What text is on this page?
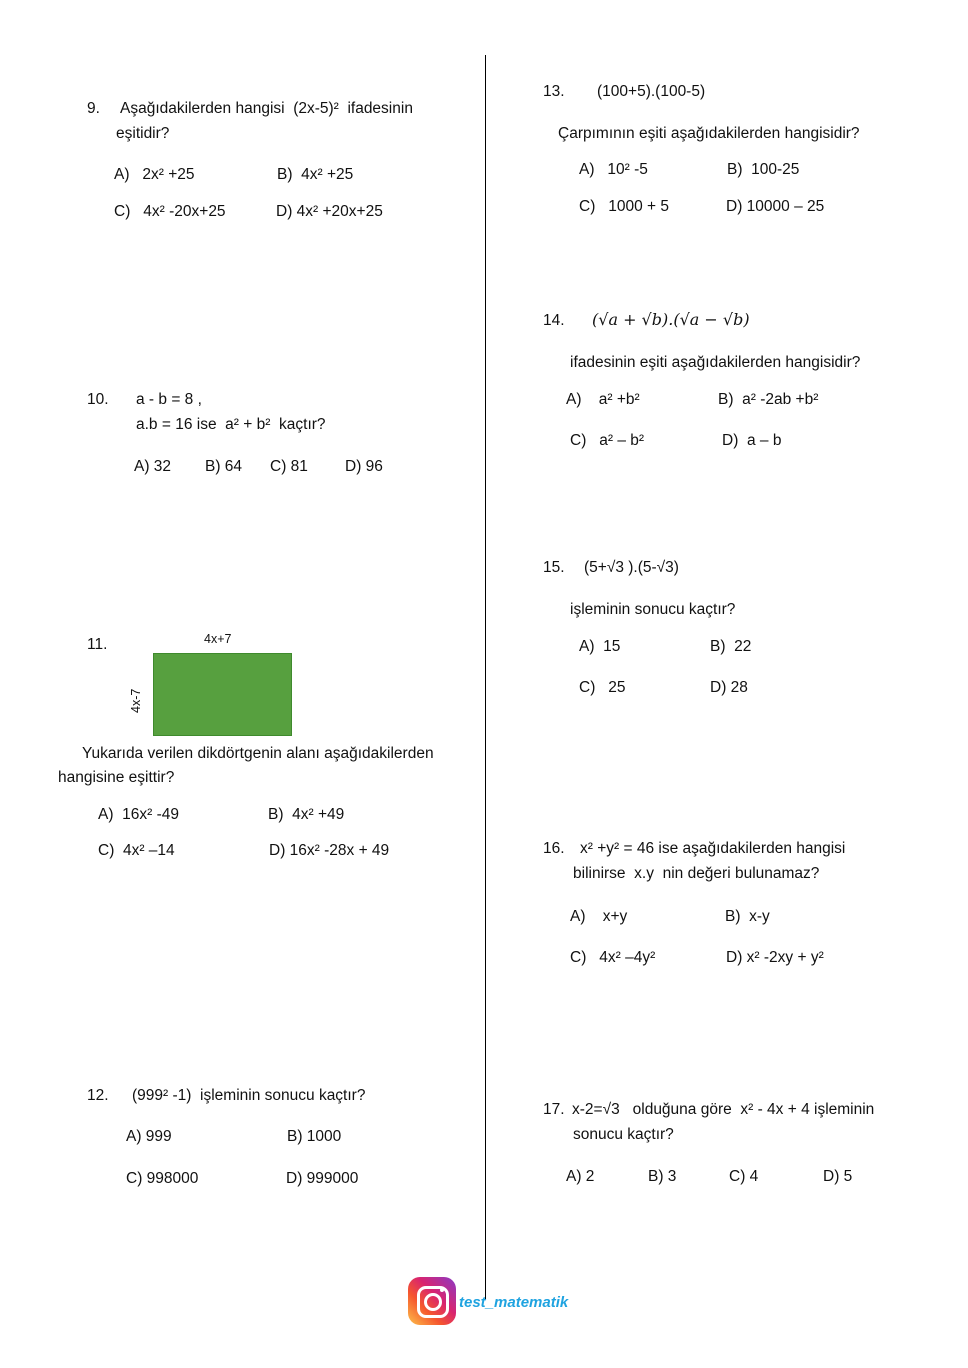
9. Aşağıdakilerden hangisi  (2x-5)²  ifadesinin
eşitidir?
A)   2x² +25	B)  4x² +25
C)   4x² -20x+25	D) 4x² +20x+25
10. a - b = 8 ,
a.b = 16 ise  a² + b²  kaçtır?
A) 32 B) 64 C) 81 D) 96
11.	4x+7
4x-7
Yukarıda verilen dikdörtgenin alanı aşağıdakilerden
hangisine eşittir?
A)  16x² -49	B)  4x² +49
C)  4x² –14	D) 16x² -28x + 49
12. (999² -1)  işleminin sonucu kaçtır?
A) 999	B) 1000
C) 998000	D) 999000
13. (100+5).(100-5)
Çarpımının eşiti aşağıdakilerden hangisidir?
A)   10² -5	B)  100-25
C)   1000 + 5	D) 10000 – 25
14. (√a + √b).(√a − √b)
ifadesinin eşiti aşağıdakilerden hangisidir?
A)    a² +b²	B)  a² -2ab +b²
C)   a² – b²	D)  a – b
15. (5+√3 ).(5-√3)
işleminin sonucu kaçtır?
A)  15	B)  22
C)   25	D) 28
16. x² +y² = 46 ise aşağıdakilerden hangisi
bilinirse  x.y  nin değeri bulunamaz?
A)    x+y	B)  x-y
C)   4x² –4y²	D) x² -2xy + y²
17. x-2=√3   olduğuna göre  x² - 4x + 4 işleminin
sonucu kaçtır?
A) 2	B) 3	C) 4	D) 5
test_matematik
